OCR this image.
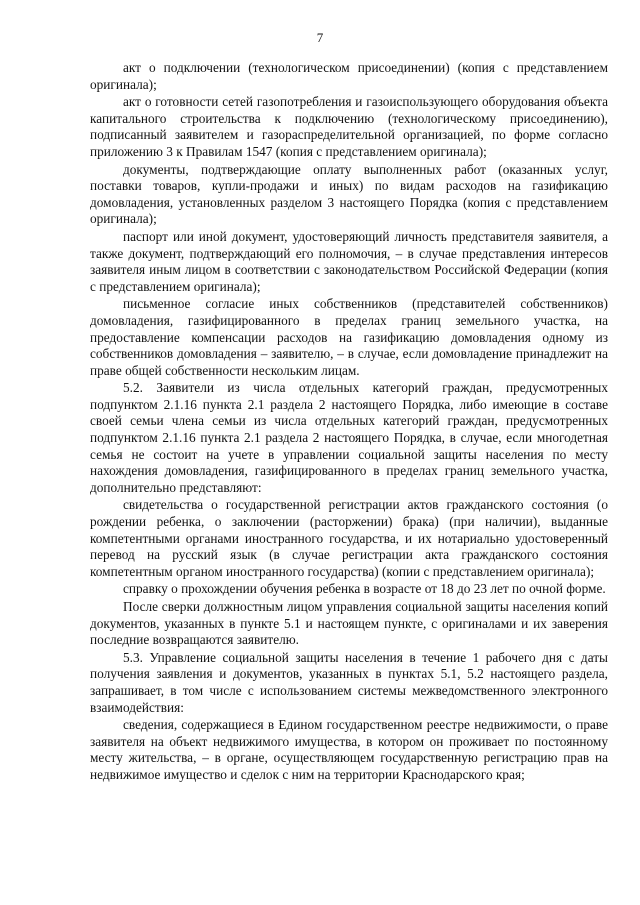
7

акт о подключении (технологическом присоединении) (копия с представлением оригинала);

акт о готовности сетей газопотребления и газоиспользующего оборудования объекта капитального строительства к подключению (технологическому присоединению), подписанный заявителем и газораспределительной организацией, по форме согласно приложению 3 к Правилам 1547 (копия с представлением оригинала);

документы, подтверждающие оплату выполненных работ (оказанных услуг, поставки товаров, купли-продажи и иных) по видам расходов на газификацию домовладения, установленных разделом 3 настоящего Порядка (копия с представлением оригинала);

паспорт или иной документ, удостоверяющий личность представителя заявителя, а также документ, подтверждающий его полномочия, – в случае представления интересов заявителя иным лицом в соответствии с законодательством Российской Федерации (копия с представлением оригинала);

письменное согласие иных собственников (представителей собственников) домовладения, газифицированного в пределах границ земельного участка, на предоставление компенсации расходов на газификацию домовладения одному из собственников домовладения – заявителю, – в случае, если домовладение принадлежит на праве общей собственности нескольким лицам.

5.2. Заявители из числа отдельных категорий граждан, предусмотренных подпунктом 2.1.16 пункта 2.1 раздела 2 настоящего Порядка, либо имеющие в составе своей семьи члена семьи из числа отдельных категорий граждан, предусмотренных подпунктом 2.1.16 пункта 2.1 раздела 2 настоящего Порядка, в случае, если многодетная семья не состоит на учете в управлении социальной защиты населения по месту нахождения домовладения, газифицированного в пределах границ земельного участка, дополнительно представляют:

свидетельства о государственной регистрации актов гражданского состояния (о рождении ребенка, о заключении (расторжении) брака) (при наличии), выданные компетентными органами иностранного государства, и их нотариально удостоверенный перевод на русский язык (в случае регистрации акта гражданского состояния компетентным органом иностранного государства) (копии с представлением оригинала);

справку о прохождении обучения ребенка в возрасте от 18 до 23 лет по очной форме.

После сверки должностным лицом управления социальной защиты населения копий документов, указанных в пункте 5.1 и настоящем пункте, с оригиналами и их заверения последние возвращаются заявителю.

5.3. Управление социальной защиты населения в течение 1 рабочего дня с даты получения заявления и документов, указанных в пунктах 5.1, 5.2 настоящего раздела, запрашивает, в том числе с использованием системы межведомственного электронного взаимодействия:

сведения, содержащиеся в Едином государственном реестре недвижимости, о праве заявителя на объект недвижимого имущества, в котором он проживает по постоянному месту жительства, – в органе, осуществляющем государственную регистрацию прав на недвижимое имущество и сделок с ним на территории Краснодарского края;
